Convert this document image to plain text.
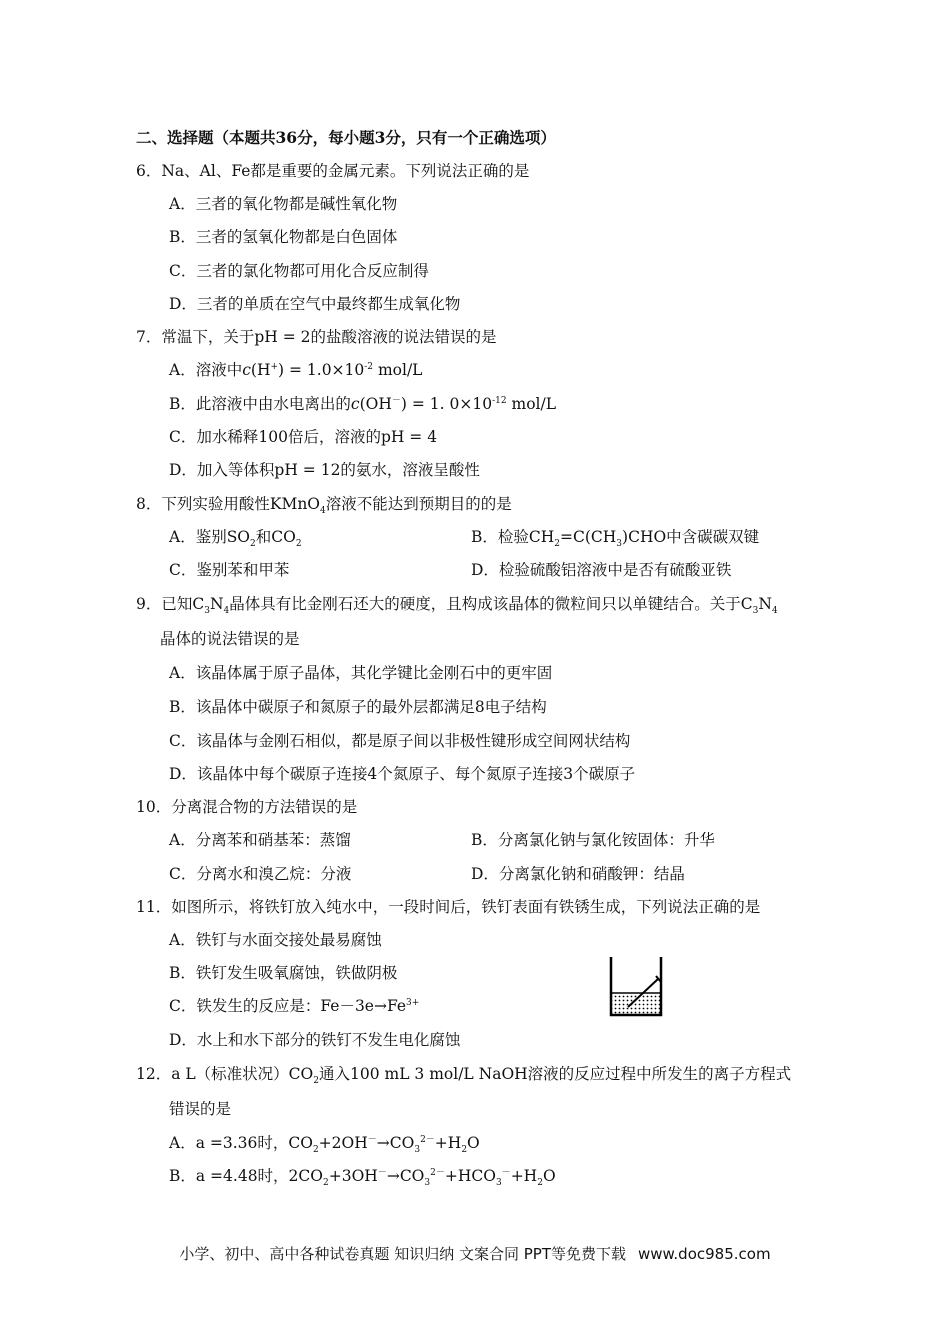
二、选择题（本题共36分，每小题3分，只有一个正确选项）
6．Na、Al、Fe都是重要的金属元素。下列说法正确的是
A．三者的氧化物都是碱性氧化物
B．三者的氢氧化物都是白色固体
C．三者的氯化物都可用化合反应制得
D．三者的单质在空气中最终都生成氧化物
7．常温下，关于pH = 2的盐酸溶液的说法错误的是
A．溶液中$c(H^+) = 1.0\times 10^{-2}$ mol/L
B．此溶液中由水电离出的c(OH－) = 1. $0\times 10^{-12}$ mol/L
C．加水稀释100倍后，溶液的pH = 4
D．加入等体积pH = 12的氨水，溶液呈酸性
8．下列实验用酸性KMnO$_4$溶液不能达到预期目的的是
A．鉴别$SO_2$和$CO_2$	B．检验$CH_2=C(CH_3)CHO$中含碳碳双键
C．鉴别苯和甲苯	D．检验硫酸铝溶液中是否有硫酸亚铁
9．已知$C_3N_4$晶体具有比金刚石还大的硬度，且构成该晶体的微粒间只以单键结合。关于$C_3N_4$
晶体的说法错误的是
A．该晶体属于原子晶体，其化学键比金刚石中的更牢固
B．该晶体中碳原子和氮原子的最外层都满足8电子结构
C．该晶体与金刚石相似，都是原子间以非极性键形成空间网状结构
D．该晶体中每个碳原子连接4个氮原子、每个氮原子连接3个碳原子
10．分离混合物的方法错误的是
A．分离苯和硝基苯：蒸馏	B．分离氯化钠与氯化铵固体：升华
C．分离水和溴乙烷：分液	D．分离氯化钠和硝酸钾：结晶
11．如图所示，将铁钉放入纯水中，一段时间后，铁钉表面有铁锈生成，下列说法正确的是
A．铁钉与水面交接处最易腐蚀
B．铁钉发生吸氧腐蚀，铁做阴极
C．铁发生的反应是：$Fe-3e\to Fe^{3+}$
D．水上和水下部分的铁钉不发生电化腐蚀
12．a L（标准状况）$CO_2$通入100 mL 3 mol/L NaOH溶液的反应过程中所发生的离子方程式
错误的是
A．a =3.36时，$CO_2+2OH^-\to CO_3^{2-}+H_2O$
B．a =4.48时，$2CO_2+3OH^-\to CO_3^{2-}+HCO_3^-+H_2O$
小学、初中、高中各种试卷真题 知识归纳 文案合同 PPT等免费下载 www.doc985.com
